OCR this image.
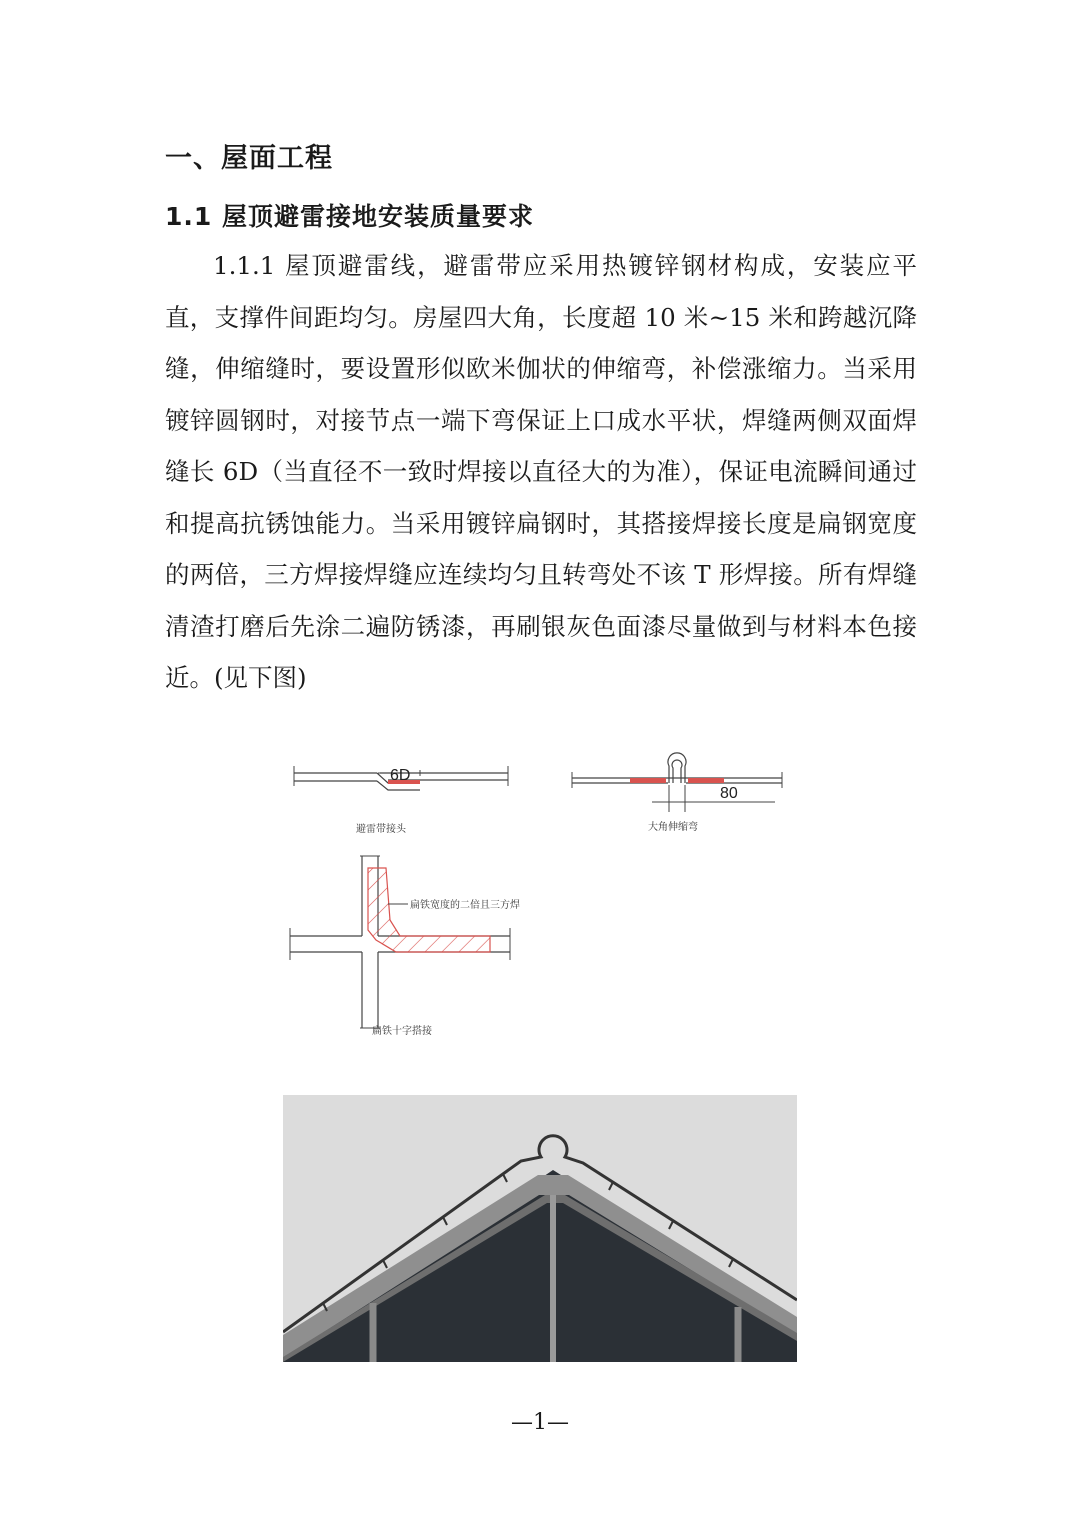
一、屋面工程
1.1 屋顶避雷接地安装质量要求

1.1.1 屋顶避雷线，避雷带应采用热镀锌钢材构成，安装应平直，支撑件间距均匀。房屋四大角，长度超 10 米~15 米和跨越沉降缝，伸缩缝时，要设置形似欧米伽状的伸缩弯，补偿涨缩力。当采用镀锌圆钢时，对接节点一端下弯保证上口成水平状，焊缝两侧双面焊缝长 6D（当直径不一致时焊接以直径大的为准），保证电流瞬间通过和提高抗锈蚀能力。当采用镀锌扁钢时，其搭接焊接长度是扁钢宽度的两倍，三方焊接焊缝应连续均匀且转弯处不该 T 形焊接。所有焊缝清渣打磨后先涂二遍防锈漆，再刷银灰色面漆尽量做到与材料本色接近。(见下图)

6D
避雷带接头
80
大角伸缩弯
扁铁宽度的二倍且三方焊
扁铁十字搭接
—1—
